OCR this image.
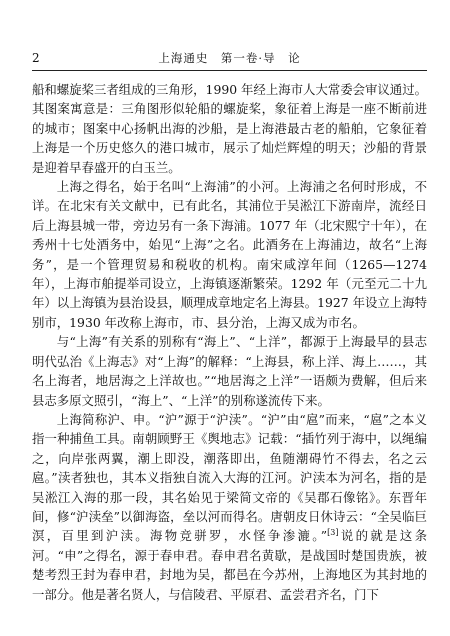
2	上海通史　第一卷·导　论

船和螺旋桨三者组成的三角形，1990 年经上海市人大常委会审议通过。其图案寓意是：三角图形似轮船的螺旋桨，象征着上海是一座不断前进的城市；图案中心扬帆出海的沙船，是上海港最古老的船舶，它象征着上海是一个历史悠久的港口城市，展示了灿烂辉煌的明天；沙船的背景是迎着早春盛开的白玉兰。

上海之得名，始于名叫“上海浦”的小河。上海浦之名何时形成，不详。在北宋有关文献中，已有此名，其浦位于吴淞江下游南岸，流经日后上海县城一带，旁边另有一条下海浦。1077 年（北宋熙宁十年），在秀州十七处酒务中，始见“上海”之名。此酒务在上海浦边，故名“上海务”，是一个管理贸易和税收的机构。南宋咸淳年间（1265—1274 年），上海市舶提举司设立，上海镇逐渐繁荣。1292 年（元至元二十九年）以上海镇为县治设县，顺理成章地定名上海县。1927 年设立上海特别市，1930 年改称上海市，市、县分治，上海又成为市名。

与“上海”有关系的别称有“海上”、“上洋”，都源于上海最早的县志明代弘治《上海志》对“上海”的解释：“上海县，称上洋、海上……，其名上海者，地居海之上洋故也。”“地居海之上洋”一语颇为费解，但后来县志多原文照引，“海上”、“上洋”的别称遂流传下来。

上海简称沪、申。“沪”源于“沪渎”。“沪”由“扈”而来，“扈”之本义指一种捕鱼工具。南朝顾野王《舆地志》记载：“插竹列于海中，以绳编之，向岸张两翼，潮上即没，潮落即出，鱼随潮碍竹不得去，名之云扈。”渎者独也，其本义指独自流入大海的江河。沪渎本为河名，指的是吴淞江入海的那一段，其名始见于梁简文帝的《吴郡石像铭》。东晋年间，修“沪渎垒”以御海盗，垒以河而得名。唐朝皮日休诗云：“全吴临巨溟，百里到沪渎。海物竞骈罗，水怪争渗漉。”[3]说的就是这条河。“申”之得名，源于春申君。春申君名黄歇，是战国时楚国贵族，被楚考烈王封为春申君，封地为吴，都邑在今苏州，上海地区为其封地的一部分。他是著名贤人，与信陵君、平原君、孟尝君齐名，门下
